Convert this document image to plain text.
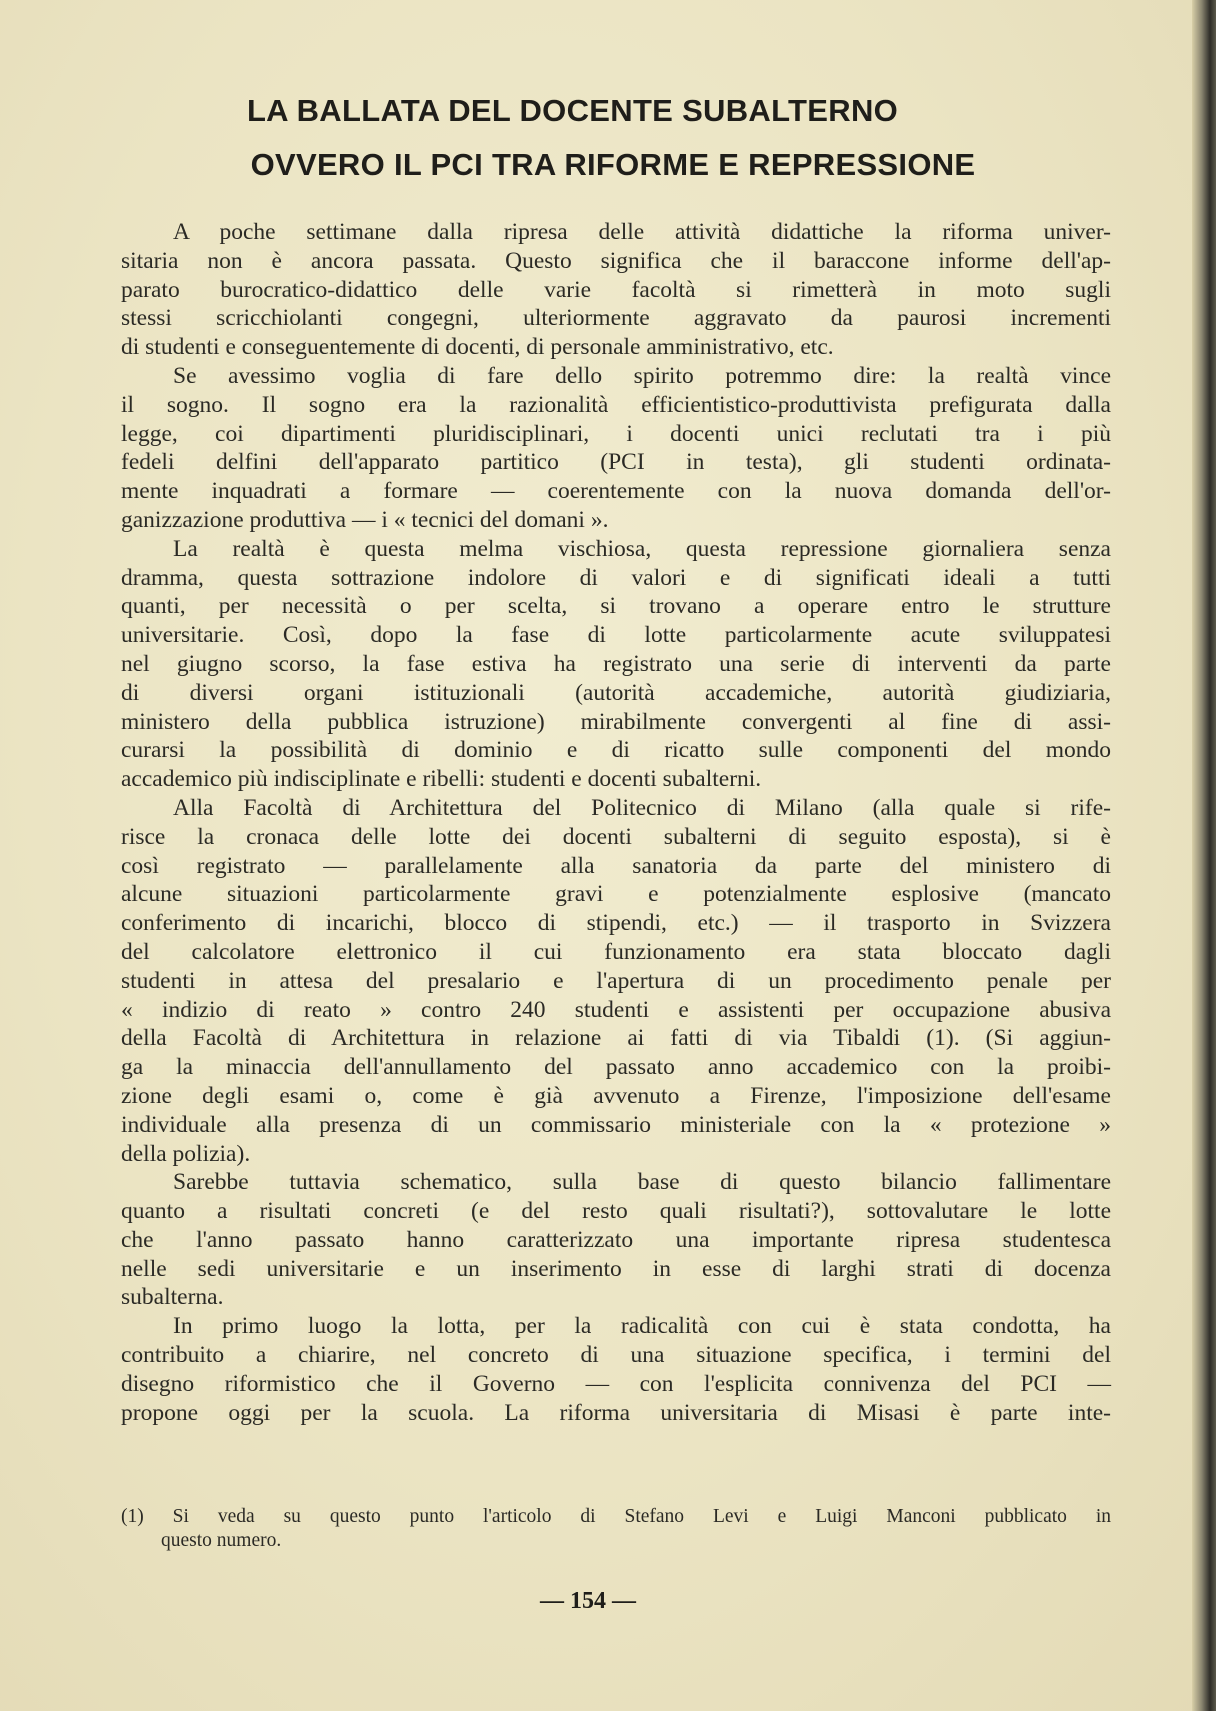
LA BALLATA DEL DOCENTE SUBALTERNO

OVVERO IL PCI TRA RIFORME E REPRESSIONE

A poche settimane dalla ripresa delle attività didattiche la riforma univer-
sitaria non è ancora passata. Questo significa che il baraccone informe dell'ap-
parato burocratico-didattico delle varie facoltà si rimetterà in moto sugli
stessi scricchiolanti congegni, ulteriormente aggravato da paurosi incrementi
di studenti e conseguentemente di docenti, di personale amministrativo, etc.
Se avessimo voglia di fare dello spirito potremmo dire: la realtà vince
il sogno. Il sogno era la razionalità efficientistico-produttivista prefigurata dalla
legge, coi dipartimenti pluridisciplinari, i docenti unici reclutati tra i più
fedeli delfini dell'apparato partitico (PCI in testa), gli studenti ordinata-
mente inquadrati a formare — coerentemente con la nuova domanda dell'or-
ganizzazione produttiva — i « tecnici del domani ».
La realtà è questa melma vischiosa, questa repressione giornaliera senza
dramma, questa sottrazione indolore di valori e di significati ideali a tutti
quanti, per necessità o per scelta, si trovano a operare entro le strutture
universitarie. Così, dopo la fase di lotte particolarmente acute sviluppatesi
nel giugno scorso, la fase estiva ha registrato una serie di interventi da parte
di diversi organi istituzionali (autorità accademiche, autorità giudiziaria,
ministero della pubblica istruzione) mirabilmente convergenti al fine di assi-
curarsi la possibilità di dominio e di ricatto sulle componenti del mondo
accademico più indisciplinate e ribelli: studenti e docenti subalterni.
Alla Facoltà di Architettura del Politecnico di Milano (alla quale si rife-
risce la cronaca delle lotte dei docenti subalterni di seguito esposta), si è
così registrato — parallelamente alla sanatoria da parte del ministero di
alcune situazioni particolarmente gravi e potenzialmente esplosive (mancato
conferimento di incarichi, blocco di stipendi, etc.) — il trasporto in Svizzera
del calcolatore elettronico il cui funzionamento era stata bloccato dagli
studenti in attesa del presalario e l'apertura di un procedimento penale per
« indizio di reato » contro 240 studenti e assistenti per occupazione abusiva
della Facoltà di Architettura in relazione ai fatti di via Tibaldi (1). (Si aggiun-
ga la minaccia dell'annullamento del passato anno accademico con la proibi-
zione degli esami o, come è già avvenuto a Firenze, l'imposizione dell'esame
individuale alla presenza di un commissario ministeriale con la « protezione »
della polizia).
Sarebbe tuttavia schematico, sulla base di questo bilancio fallimentare
quanto a risultati concreti (e del resto quali risultati?), sottovalutare le lotte
che l'anno passato hanno caratterizzato una importante ripresa studentesca
nelle sedi universitarie e un inserimento in esse di larghi strati di docenza
subalterna.
In primo luogo la lotta, per la radicalità con cui è stata condotta, ha
contribuito a chiarire, nel concreto di una situazione specifica, i termini del
disegno riformistico che il Governo — con l'esplicita connivenza del PCI —
propone oggi per la scuola. La riforma universitaria di Misasi è parte inte-
(1) Si veda su questo punto l'articolo di Stefano Levi e Luigi Manconi pubblicato in
questo numero.
— 154 —
